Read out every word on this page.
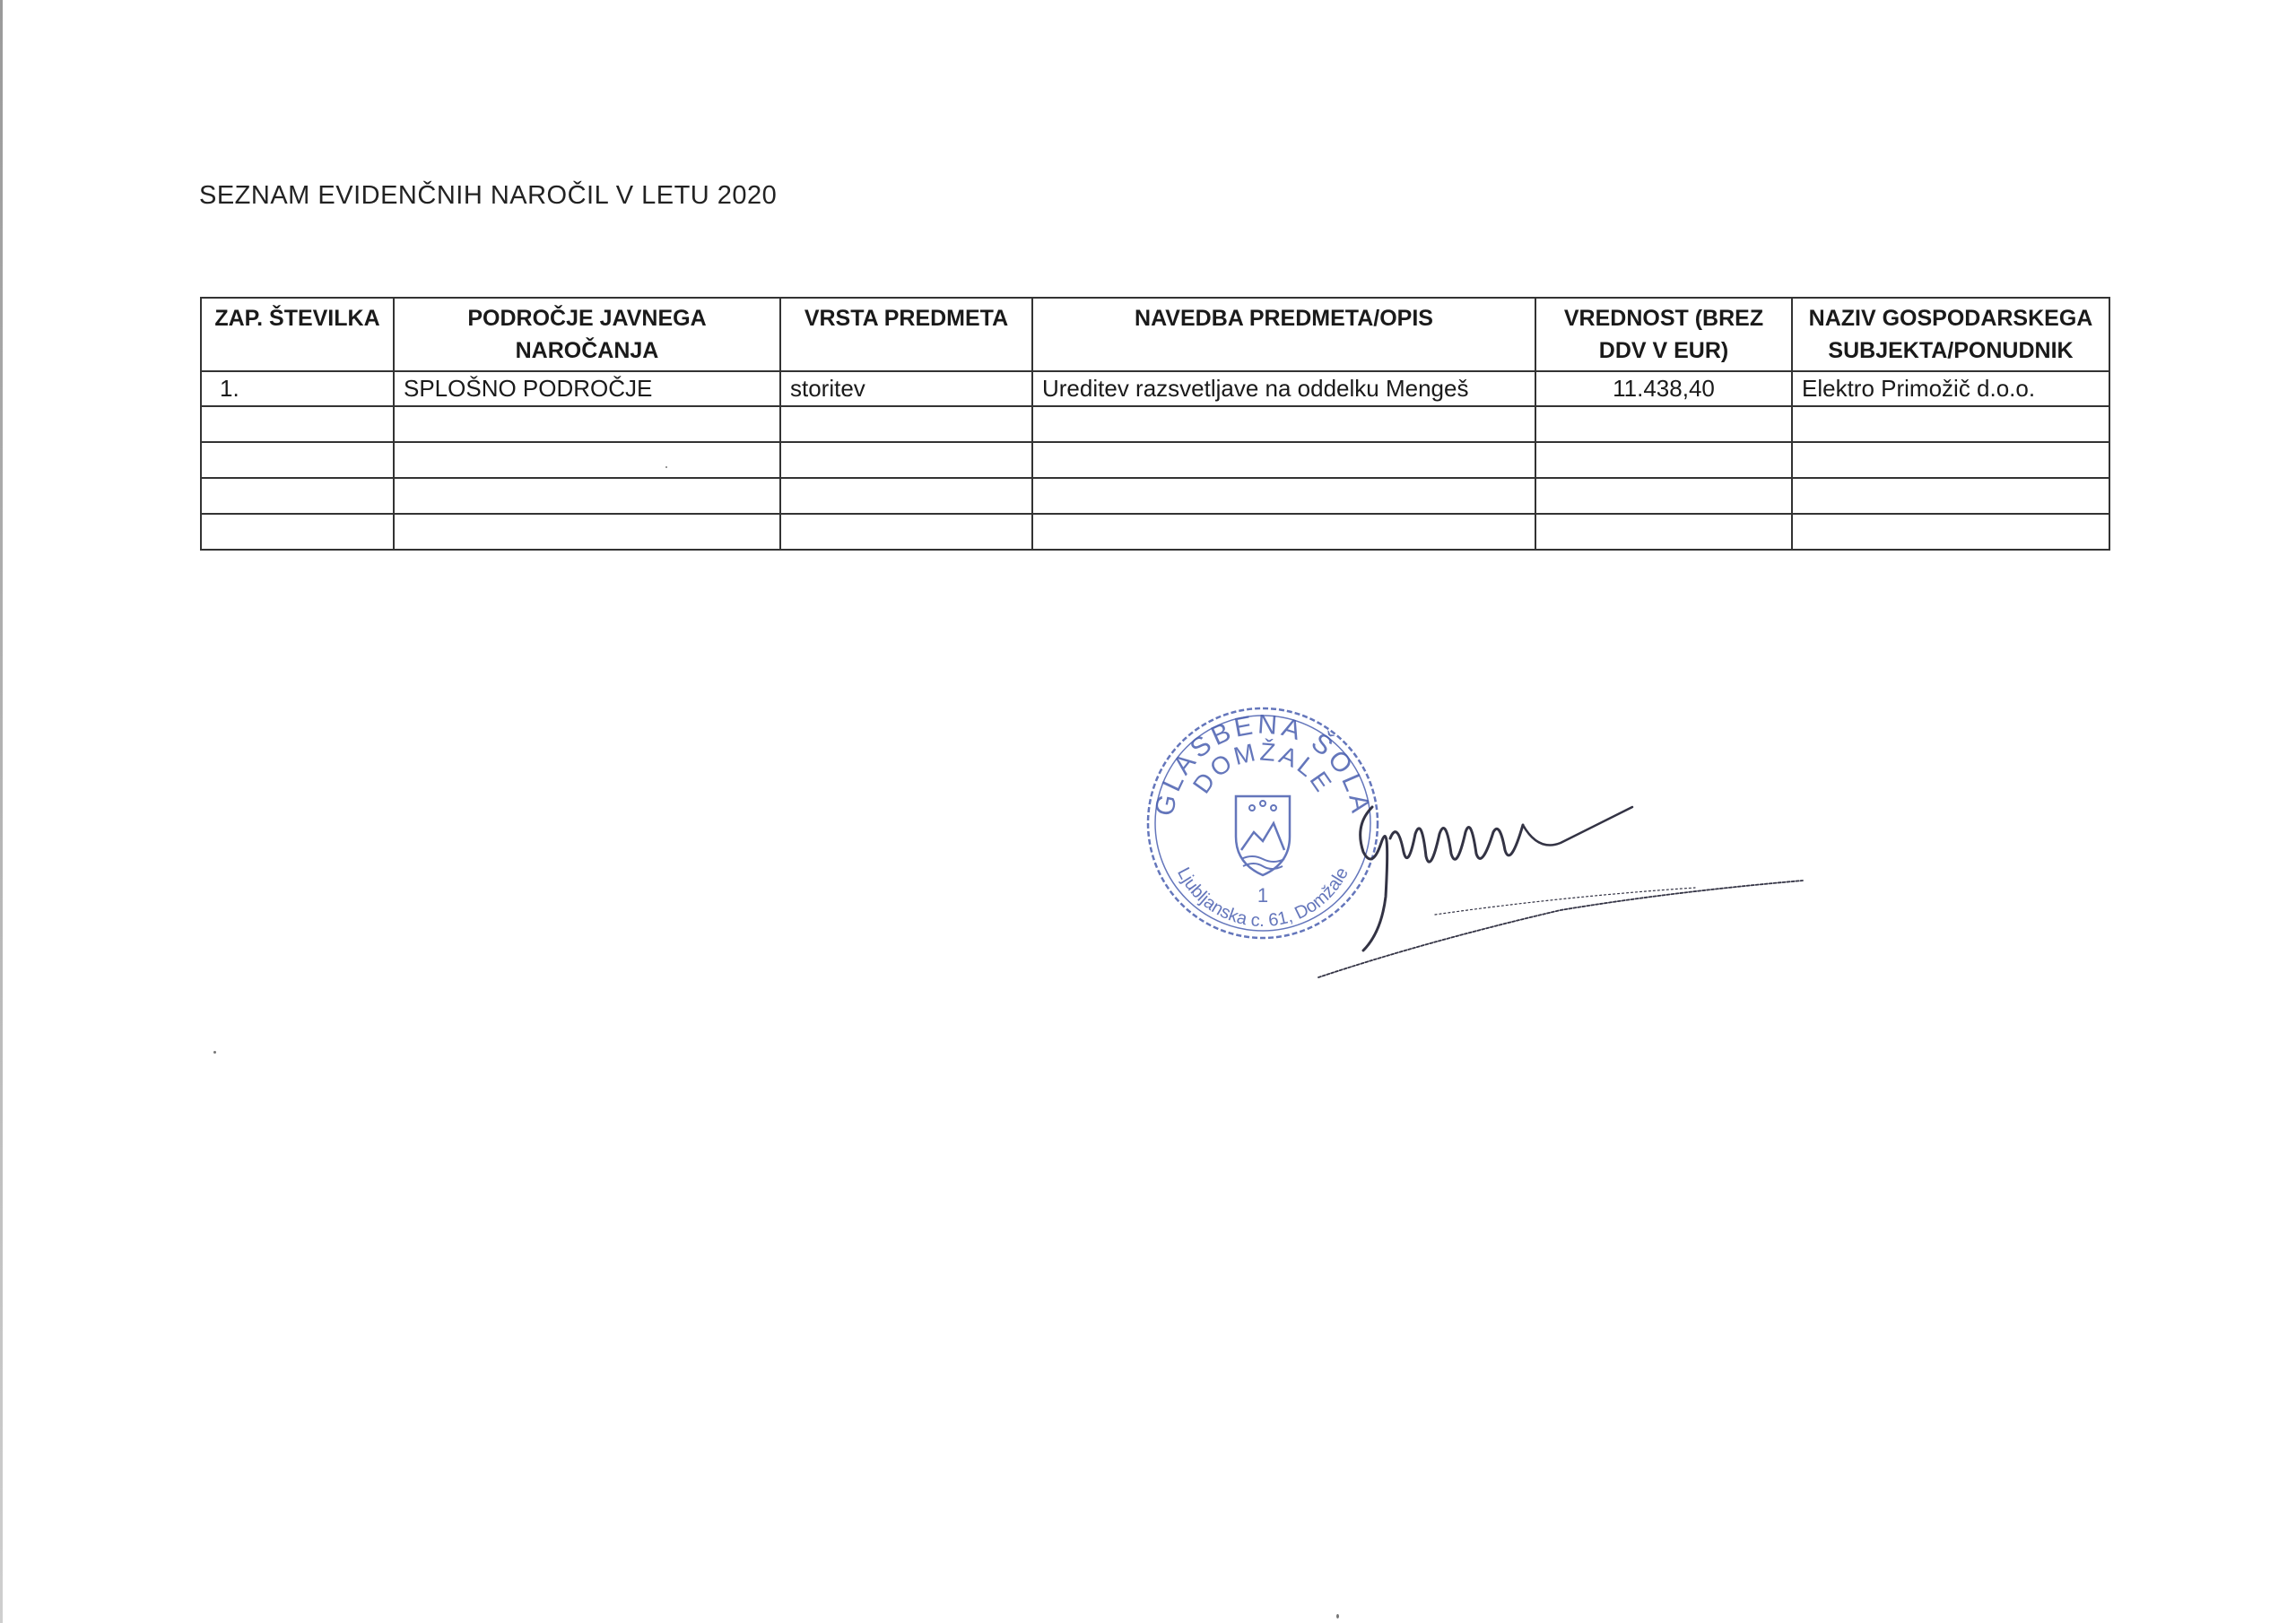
SEZNAM EVIDENČNIH NAROČIL V LETU 2020
ZAP. ŠTEVILKA	PODROČJE JAVNEGA NAROČANJA	VRSTA PREDMETA	NAVEDBA PREDMETA/OPIS	VREDNOST (BREZ DDV V EUR)	NAZIV GOSPODARSKEGA SUBJEKTA/PONUDNIK
1.	SPLOŠNO PODROČJE	storitev	Ureditev razsvetljave na oddelku Mengeš	11.438,40	Elektro Primožič d.o.o.

GLASBENA ŠOLA
DOMŽALE
Ljubljanska c. 61, Domžale
1
